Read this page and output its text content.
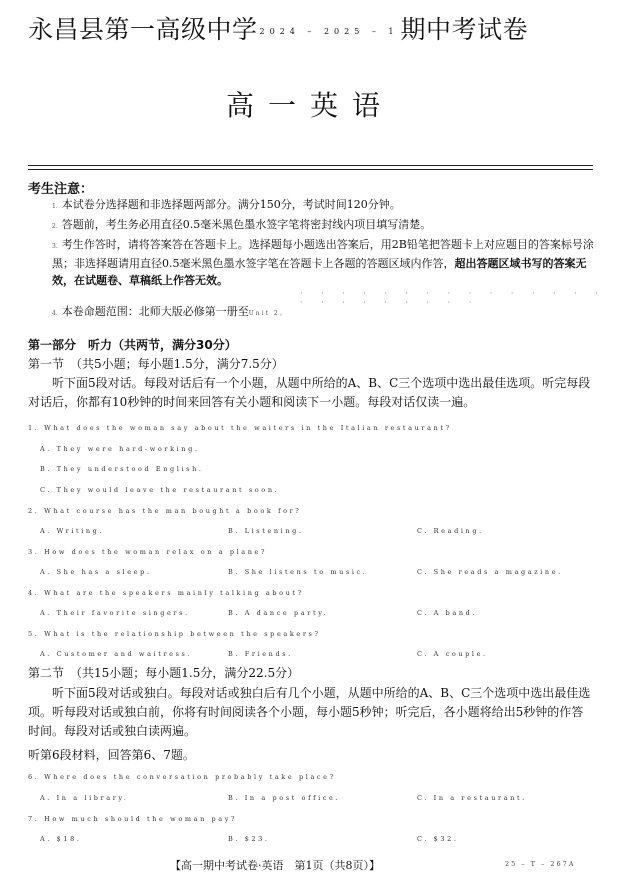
永昌县第一高级中学 2024 – 2025 – 1期中考试卷
高一英语
考生注意：
1. 本试卷分选择题和非选择题两部分。满分150分，考试时间120分钟。
2. 答题前，考生务必用直径0.5毫米黑色墨水签字笔将密封线内项目填写清楚。
3. 考生作答时，请将答案答在答题卡上。选择题每小题选出答案后，用2B铅笔把答题卡上对应题目的答案标号涂黑；非选择题请用直径0.5毫米黑色墨水签字笔在答题卡上各题的答题区域内作答，超出答题区域书写的答案无效，在试题卷、草稿纸上作答无效。
4. 本卷命题范围：北师大版必修第一册至Unit 2。
· · · · · · · · · · · · · · · · · · · · · · · ·
第一部分　听力（共两节，满分30分）
第一节　（共5小题；每小题1.5分，满分7.5分）
听下面5段对话。每段对话后有一个小题，从题中所给的A、B、C三个选项中选出最佳选项。听完每段对话后，你都有10秒钟的时间来回答有关小题和阅读下一小题。每段对话仅读一遍。
1. What does the woman say about the waiters in the Italian restaurant?
A. They were hard-working.
B. They understood English.
C. They would leave the restaurant soon.
2. What course has the man bought a book for?
A. Writing.	B. Listening.	C. Reading.
3. How does the woman relax on a plane?
A. She has a sleep.	B. She listens to music.	C. She reads a magazine.
4. What are the speakers mainly talking about?
A. Their favorite singers.	B. A dance party.	C. A band.
5. What is the relationship between the speakers?
A. Customer and waitress.	B. Friends.	C. A couple.
第二节　（共15小题；每小题1.5分，满分22.5分）
听下面5段对话或独白。每段对话或独白后有几个小题，从题中所给的A、B、C三个选项中选出最佳选项。听每段对话或独白前，你将有时间阅读各个小题，每小题5秒钟；听完后，各小题将给出5秒钟的作答时间。每段对话或独白读两遍。
听第6段材料，回答第6、7题。
6. Where does the conversation probably take place?
A. In a library.	B. In a post office.	C. In a restaurant.
7. How much should the woman pay?
A. $18.	B. $23.	C. $32.
【高一期中考试卷·英语　第1页（共8页）】	25 – T – 267A
